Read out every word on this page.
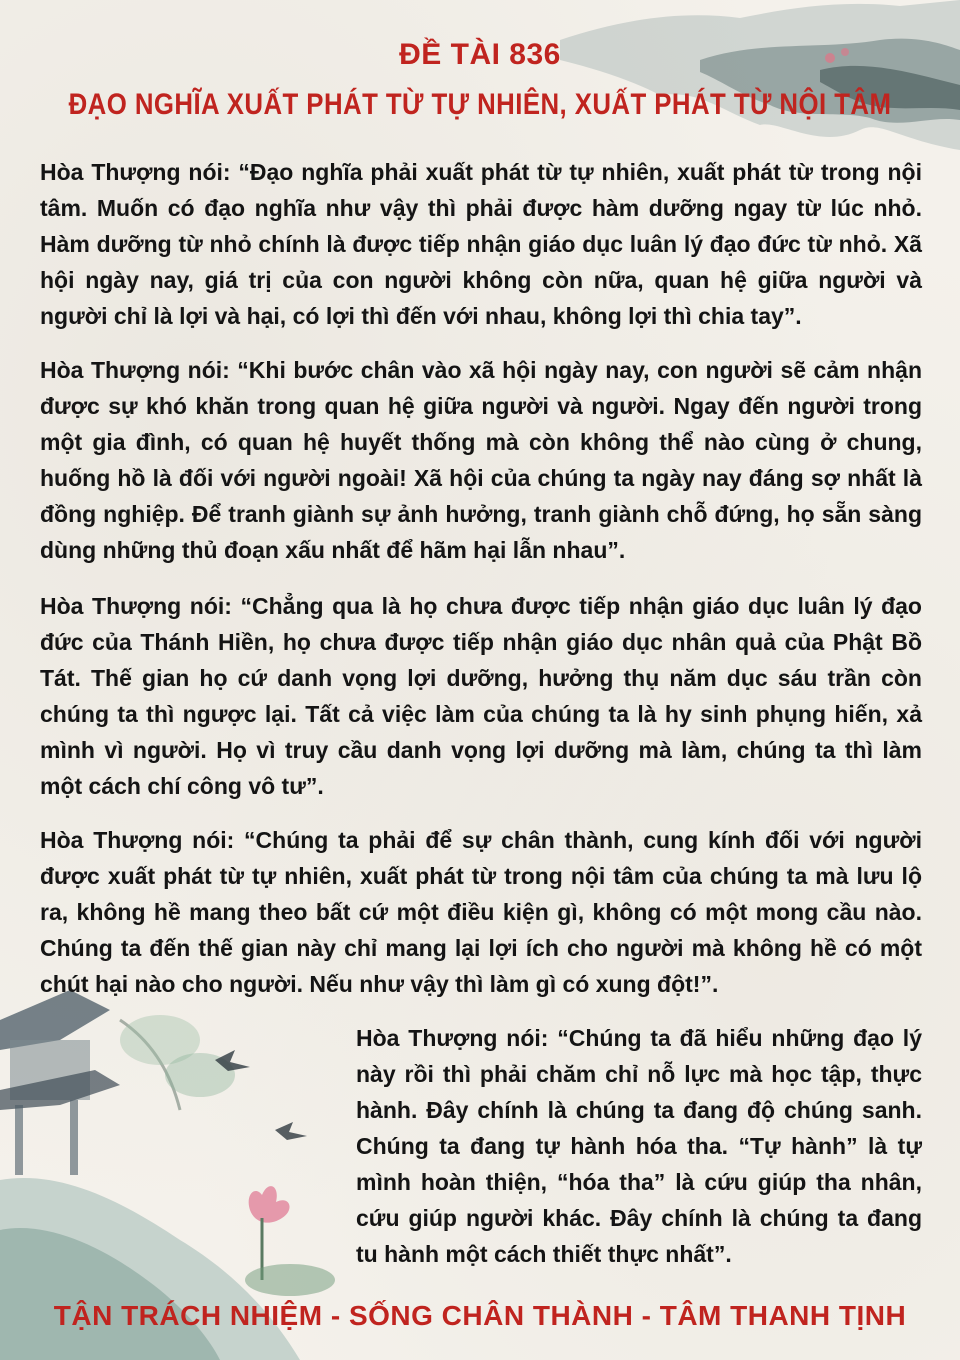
ĐỀ TÀI 836
ĐẠO NGHĨA XUẤT PHÁT TỪ TỰ NHIÊN, XUẤT PHÁT TỪ NỘI TÂM

Hòa Thượng nói: “Đạo nghĩa phải xuất phát từ tự nhiên, xuất phát từ trong nội tâm. Muốn có đạo nghĩa như vậy thì phải được hàm dưỡng ngay từ lúc nhỏ. Hàm dưỡng từ nhỏ chính là được tiếp nhận giáo dục luân lý đạo đức từ nhỏ. Xã hội ngày nay, giá trị của con người không còn nữa, quan hệ giữa người và người chỉ là lợi và hại, có lợi thì đến với nhau, không lợi thì chia tay”.

Hòa Thượng nói: “Khi bước chân vào xã hội ngày nay, con người sẽ cảm nhận được sự khó khăn trong quan hệ giữa người và người. Ngay đến người trong một gia đình, có quan hệ huyết thống mà còn không thể nào cùng ở chung, huống hồ là đối với người ngoài! Xã hội của chúng ta ngày nay đáng sợ nhất là đồng nghiệp. Để tranh giành sự ảnh hưởng, tranh giành chỗ đứng, họ sẵn sàng dùng những thủ đoạn xấu nhất để hãm hại lẫn nhau”.

Hòa Thượng nói: “Chẳng qua là họ chưa được tiếp nhận giáo dục luân lý đạo đức của Thánh Hiền, họ chưa được tiếp nhận giáo dục nhân quả của Phật Bồ Tát. Thế gian họ cứ danh vọng lợi dưỡng, hưởng thụ năm dục sáu trần còn chúng ta thì ngược lại. Tất cả việc làm của chúng ta là hy sinh phụng hiến, xả mình vì người. Họ vì truy cầu danh vọng lợi dưỡng mà làm, chúng ta thì làm một cách chí công vô tư”.

Hòa Thượng nói: “Chúng ta phải để sự chân thành, cung kính đối với người được xuất phát từ tự nhiên, xuất phát từ trong nội tâm của chúng ta mà lưu lộ ra, không hề mang theo bất cứ một điều kiện gì, không có một mong cầu nào. Chúng ta đến thế gian này chỉ mang lại lợi ích cho người mà không hề có một chút hại nào cho người. Nếu như vậy thì làm gì có xung đột!”.

Hòa Thượng nói: “Chúng ta đã hiểu những đạo lý này rồi thì phải chăm chỉ nỗ lực mà học tập, thực hành. Đây chính là chúng ta đang độ chúng sanh. Chúng ta đang tự hành hóa tha. “Tự hành” là tự mình hoàn thiện, “hóa tha” là cứu giúp tha nhân, cứu giúp người khác. Đây chính là chúng ta đang tu hành một cách thiết thực nhất”.

TẬN TRÁCH NHIỆM - SỐNG CHÂN THÀNH - TÂM THANH TỊNH
